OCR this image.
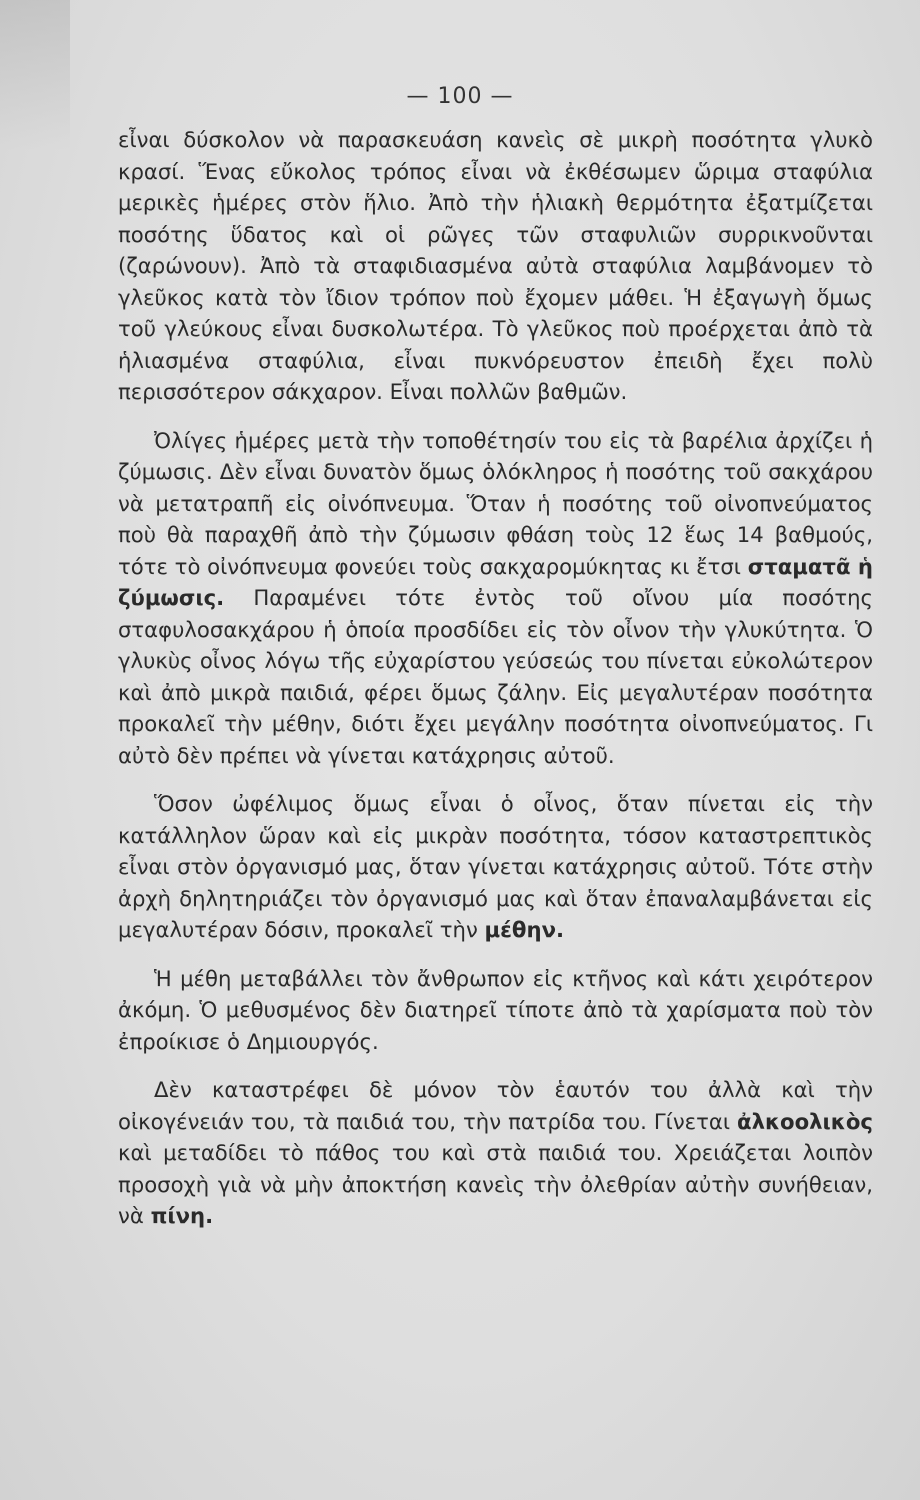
— 100 —

εἶναι δύσκολον νὰ παρασκευάση κανεὶς σὲ μικρὴ ποσότητα γλυκὸ κρασί. Ἕνας εὔκολος τρόπος εἶναι νὰ ἐκθέσωμεν ὥριμα σταφύλια μερικὲς ἡμέρες στὸν ἥλιο. Ἀπὸ τὴν ἡλιακὴ θερμότητα ἐξατμίζεται ποσότης ὕδατος καὶ οἱ ρῶγες τῶν σταφυλιῶν συρρικνοῦνται (ζαρώνουν). Ἀπὸ τὰ σταφιδιασμένα αὐτὰ σταφύλια λαμβάνομεν τὸ γλεῦκος κατὰ τὸν ἴδιον τρόπον ποὺ ἔχομεν μάθει. Ἡ ἐξαγωγὴ ὅμως τοῦ γλεύκους εἶναι δυσκολωτέρα. Τὸ γλεῦκος ποὺ προέρχεται ἀπὸ τὰ ἡλιασμένα σταφύλια, εἶναι πυκνόρευστον ἐπειδὴ ἔχει πολὺ περισσότερον σάκχαρον. Εἶναι πολλῶν βαθμῶν.

Ὀλίγες ἡμέρες μετὰ τὴν τοποθέτησίν του εἰς τὰ βαρέλια ἀρχίζει ἡ ζύμωσις. Δὲν εἶναι δυνατὸν ὅμως ὁλόκληρος ἡ ποσότης τοῦ σακχάρου νὰ μετατραπῆ εἰς οἰνόπνευμα. Ὅταν ἡ ποσότης τοῦ οἰνοπνεύματος ποὺ θὰ παραχθῆ ἀπὸ τὴν ζύμωσιν φθάση τοὺς 12 ἕως 14 βαθμούς, τότε τὸ οἰνόπνευμα φονεύει τοὺς σακχαρομύκητας κι ἔτσι σταματᾶ ἡ ζύμωσις. Παραμένει τότε ἐντὸς τοῦ οἴνου μία ποσότης σταφυλοσακχάρου ἡ ὁποία προσδίδει εἰς τὸν οἶνον τὴν γλυκύτητα. Ὁ γλυκὺς οἶνος λόγω τῆς εὐχαρίστου γεύσεώς του πίνεται εὐκολώτερον καὶ ἀπὸ μικρὰ παιδιά, φέρει ὅμως ζάλην. Εἰς μεγαλυτέραν ποσότητα προκαλεῖ τὴν μέθην, διότι ἔχει μεγάλην ποσότητα οἰνοπνεύματος. Γι αὐτὸ δὲν πρέπει νὰ γίνεται κατάχρησις αὐτοῦ.

Ὅσον ὠφέλιμος ὅμως εἶναι ὁ οἶνος, ὅταν πίνεται εἰς τὴν κατάλληλον ὥραν καὶ εἰς μικρὰν ποσότητα, τόσον καταστρεπτικὸς εἶναι στὸν ὀργανισμό μας, ὅταν γίνεται κατάχρησις αὐτοῦ. Τότε στὴν ἀρχὴ δηλητηριάζει τὸν ὀργανισμό μας καὶ ὅταν ἐπαναλαμβάνεται εἰς μεγαλυτέραν δόσιν, προκαλεῖ τὴν μέθην.

Ἡ μέθη μεταβάλλει τὸν ἄνθρωπον εἰς κτῆνος καὶ κάτι χειρότερον ἀκόμη. Ὁ μεθυσμένος δὲν διατηρεῖ τίποτε ἀπὸ τὰ χαρίσματα ποὺ τὸν ἐπροίκισε ὁ Δημιουργός.

Δὲν καταστρέφει δὲ μόνον τὸν ἑαυτόν του ἀλλὰ καὶ τὴν οἰκογένειάν του, τὰ παιδιά του, τὴν πατρίδα του. Γίνεται ἀλκοολικὸς καὶ μεταδίδει τὸ πάθος του καὶ στὰ παιδιά του. Χρειάζεται λοιπὸν προσοχὴ γιὰ νὰ μὴν ἀποκτήση κανεὶς τὴν ὀλεθρίαν αὐτὴν συνήθειαν, νὰ πίνη.
